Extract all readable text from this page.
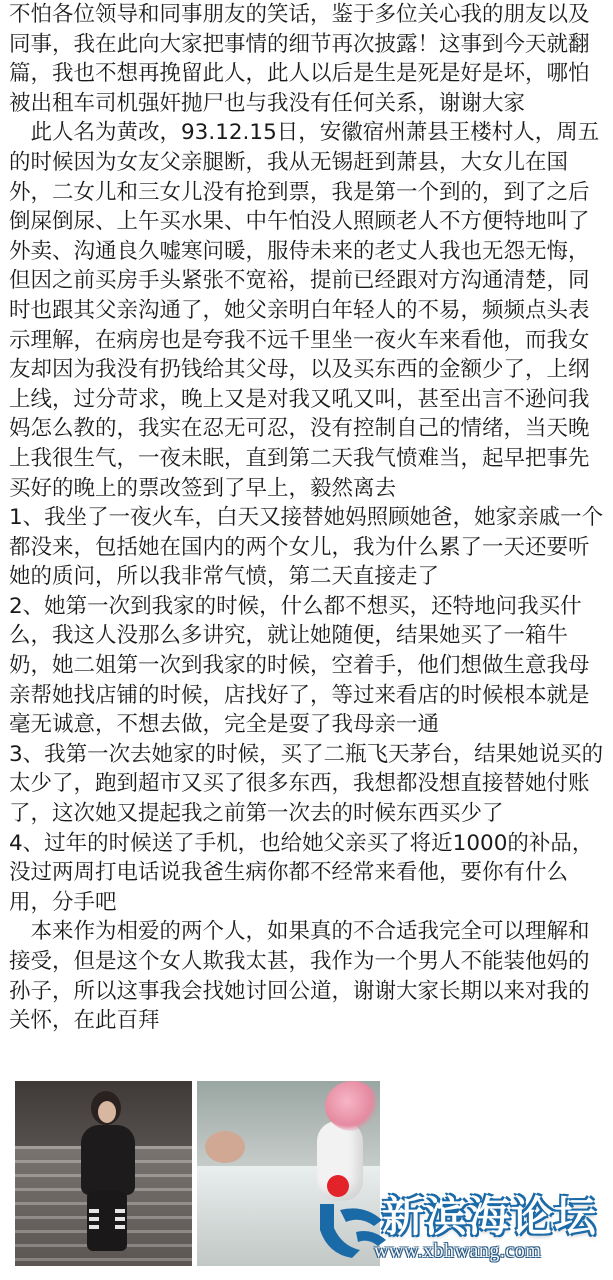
不怕各位领导和同事朋友的笑话，鉴于多位关心我的朋友以及同事，我在此向大家把事情的细节再次披露！这事到今天就翻篇，我也不想再挽留此人，此人以后是生是死是好是坏，哪怕被出租车司机强奸抛尸也与我没有任何关系，谢谢大家

　此人名为黄改，93.12.15日，安徽宿州萧县王楼村人，周五的时候因为女友父亲腿断，我从无锡赶到萧县，大女儿在国外，二女儿和三女儿没有抢到票，我是第一个到的，到了之后倒屎倒尿、上午买水果、中午怕没人照顾老人不方便特地叫了外卖、沟通良久嘘寒问暖，服侍未来的老丈人我也无怨无悔，但因之前买房手头紧张不宽裕，提前已经跟对方沟通清楚，同时也跟其父亲沟通了，她父亲明白年轻人的不易，频频点头表示理解，在病房也是夸我不远千里坐一夜火车来看他，而我女友却因为我没有扔钱给其父母，以及买东西的金额少了，上纲上线，过分苛求，晚上又是对我又吼又叫，甚至出言不逊问我妈怎么教的，我实在忍无可忍，没有控制自己的情绪，当天晚上我很生气，一夜未眠，直到第二天我气愤难当，起早把事先买好的晚上的票改签到了早上，毅然离去

1、我坐了一夜火车，白天又接替她妈照顾她爸，她家亲戚一个都没来，包括她在国内的两个女儿，我为什么累了一天还要听她的质问，所以我非常气愤，第二天直接走了

2、她第一次到我家的时候，什么都不想买，还特地问我买什么，我这人没那么多讲究，就让她随便，结果她买了一箱牛奶，她二姐第一次到我家的时候，空着手，他们想做生意我母亲帮她找店铺的时候，店找好了，等过来看店的时候根本就是毫无诚意，不想去做，完全是耍了我母亲一通

3、我第一次去她家的时候，买了二瓶飞天茅台，结果她说买的太少了，跑到超市又买了很多东西，我想都没想直接替她付账了，这次她又提起我之前第一次去的时候东西买少了

4、过年的时候送了手机，也给她父亲买了将近1000的补品，没过两周打电话说我爸生病你都不经常来看他，要你有什么用，分手吧

　本来作为相爱的两个人，如果真的不合适我完全可以理解和接受，但是这个女人欺我太甚，我作为一个男人不能装他妈的孙子，所以这事我会找她讨回公道，谢谢大家长期以来对我的关怀，在此百拜

新滨海论坛
www.xbhwang.com
